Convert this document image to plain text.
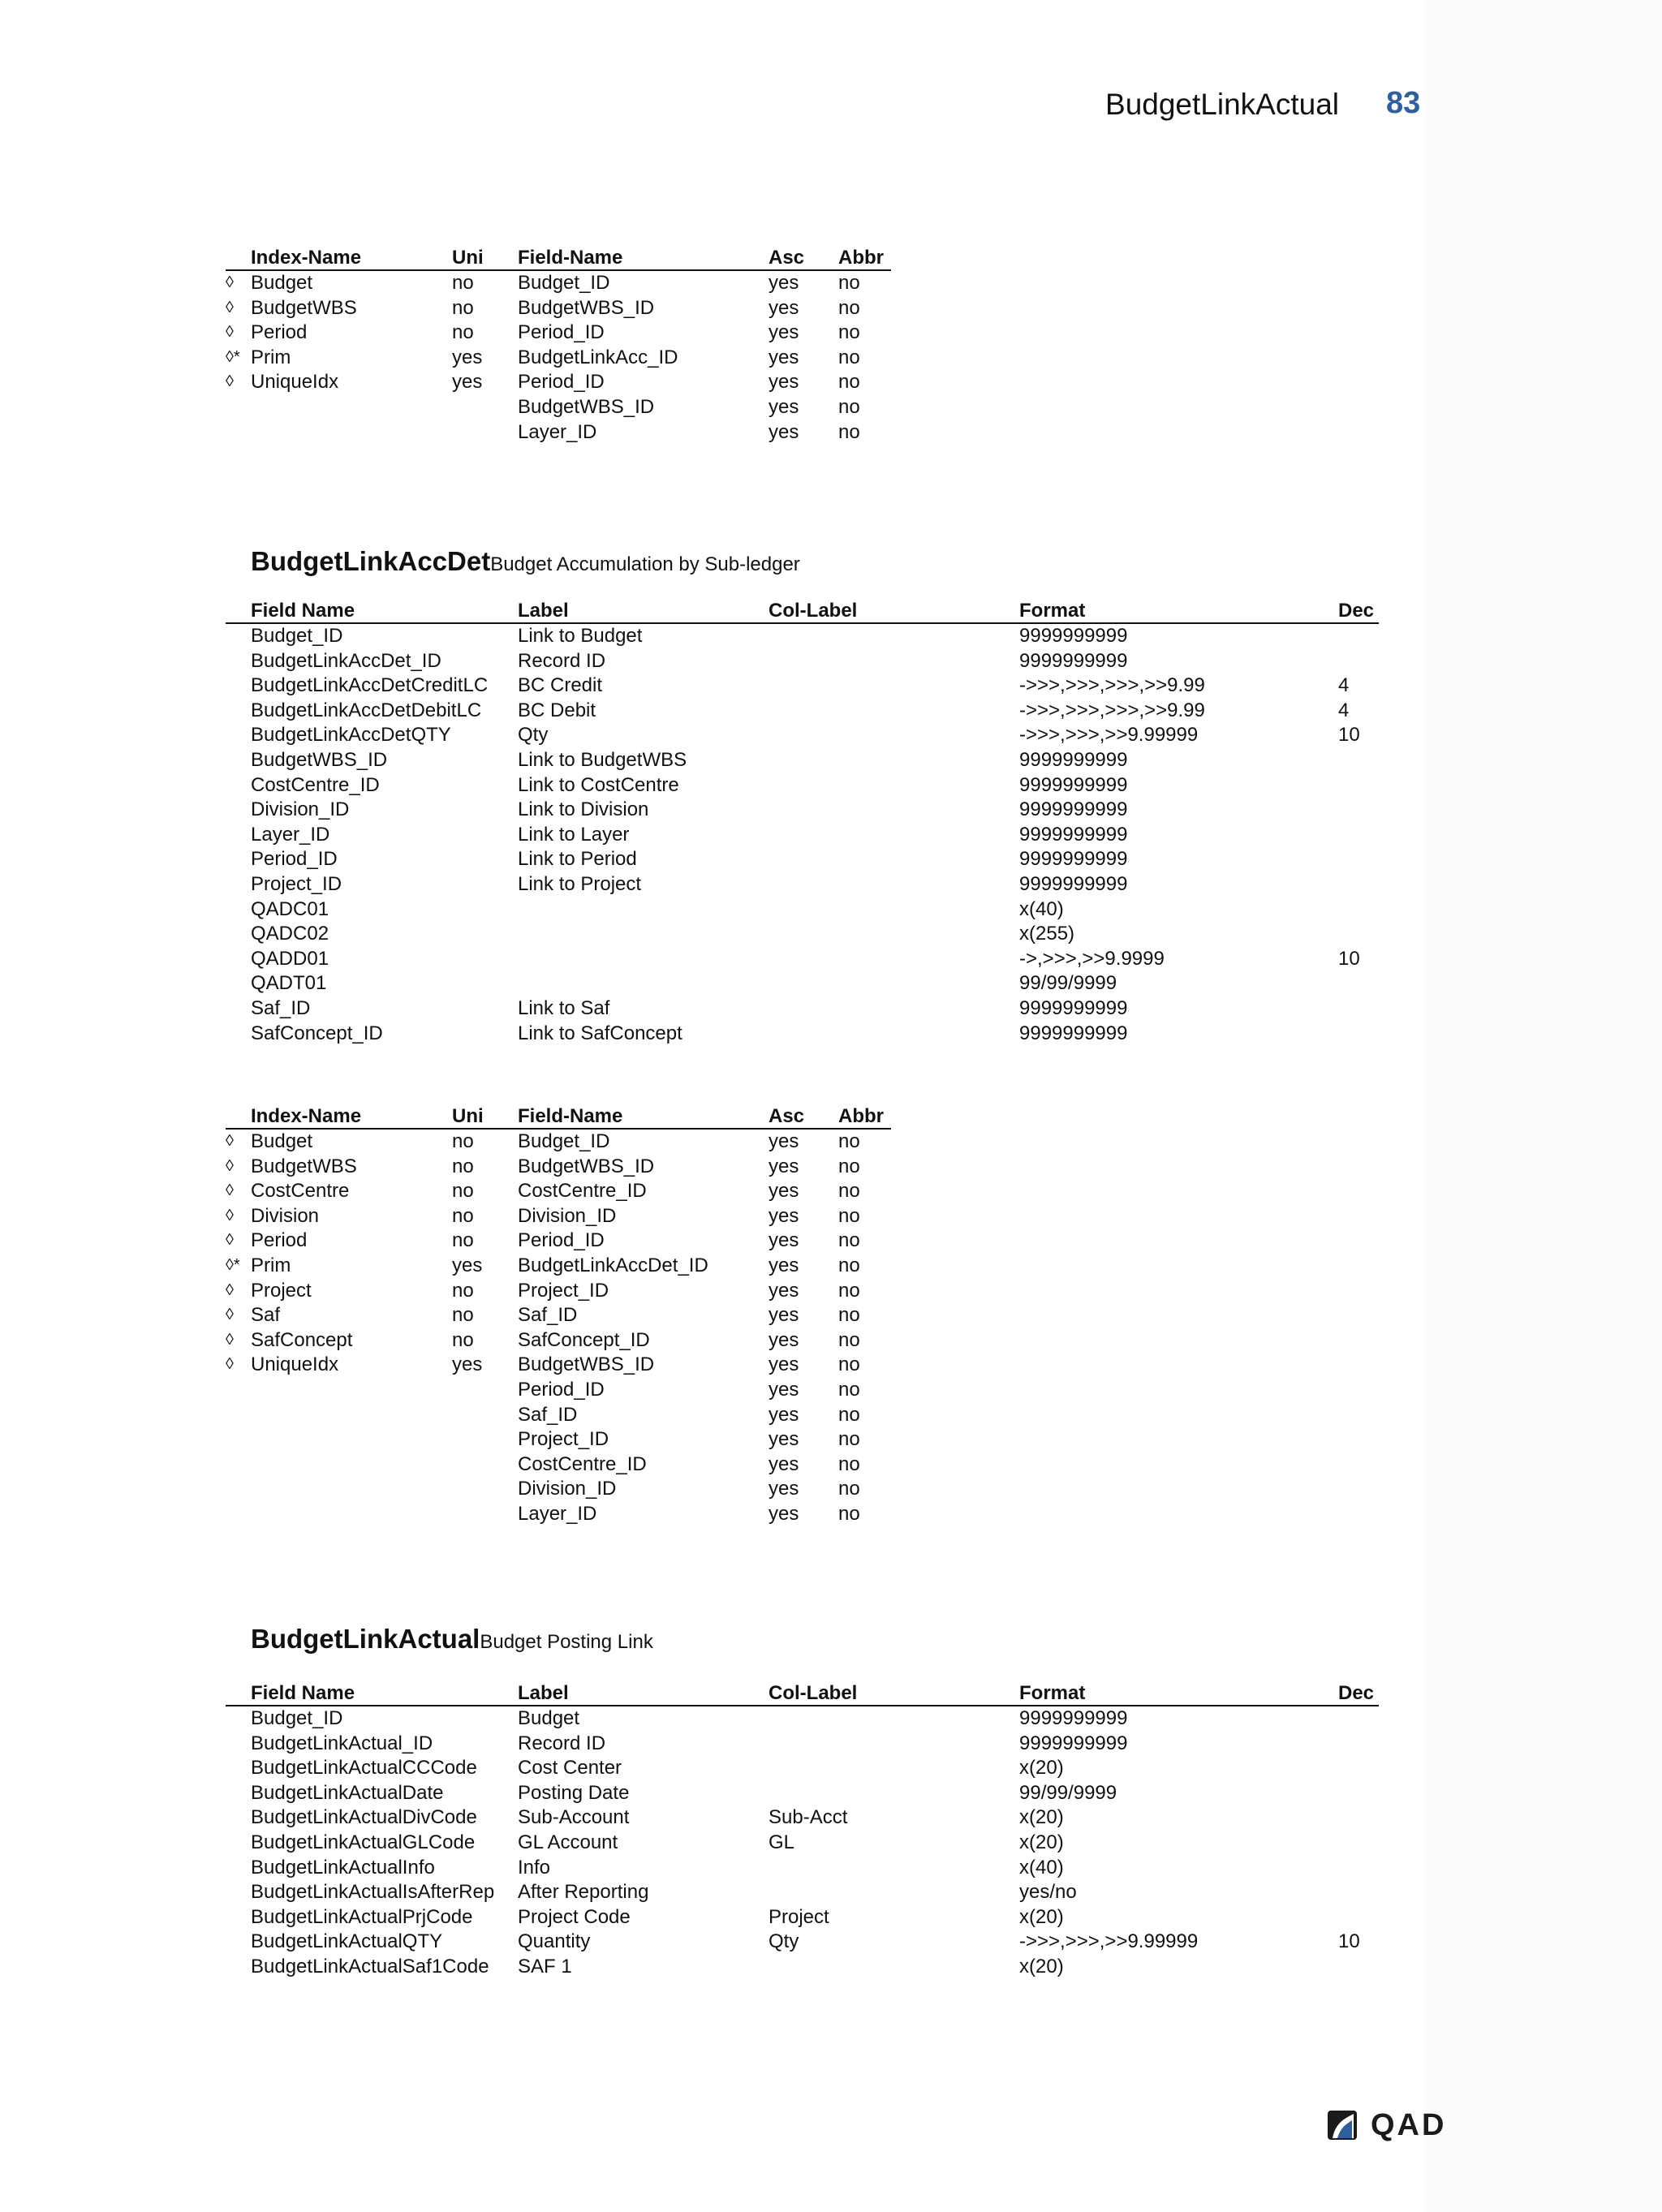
BudgetLinkActual 83
Index-Name	Uni Field-Name	Asc Abbr
◊ Budget	no Budget_ID	yes no
◊ BudgetWBS	no BudgetWBS_ID	yes no
◊ Period	no Period_ID	yes no
◊* Prim	yes BudgetLinkAcc_ID	yes no
◊ UniqueIdx	yes Period_ID	yes no
BudgetWBS_ID	yes no
Layer_ID	yes no
BudgetLinkAccDetBudget Accumulation by Sub-ledger
Field Name	Label	Col-Label	Format	Dec
Budget_ID	Link to Budget	9999999999
BudgetLinkAccDet_ID	Record ID	9999999999
BudgetLinkAccDetCreditLC BC Credit	->>>,>>>,>>>,>>9.99	4
BudgetLinkAccDetDebitLC BC Debit	->>>,>>>,>>>,>>9.99	4
BudgetLinkAccDetQTY	Qty	->>>,>>>,>>9.99999	10
BudgetWBS_ID	Link to BudgetWBS	9999999999
CostCentre_ID	Link to CostCentre	9999999999
Division_ID	Link to Division	9999999999
Layer_ID	Link to Layer	9999999999
Period_ID	Link to Period	9999999999
Project_ID	Link to Project	9999999999
QADC01	x(40)
QADC02	x(255)
QADD01	->,>>>,>>9.9999	10
QADT01	99/99/9999
Saf_ID	Link to Saf	9999999999
SafConcept_ID	Link to SafConcept	9999999999
Index-Name	Uni Field-Name	Asc Abbr
◊ Budget	no Budget_ID	yes no
◊ BudgetWBS	no BudgetWBS_ID	yes no
◊ CostCentre	no CostCentre_ID	yes no
◊ Division	no Division_ID	yes no
◊ Period	no Period_ID	yes no
◊* Prim	yes BudgetLinkAccDet_ID	yes no
◊ Project	no Project_ID	yes no
◊ Saf	no Saf_ID	yes no
◊ SafConcept	no SafConcept_ID	yes no
◊ UniqueIdx	yes BudgetWBS_ID	yes no
Period_ID	yes no
Saf_ID	yes no
Project_ID	yes no
CostCentre_ID	yes no
Division_ID	yes no
Layer_ID	yes no
BudgetLinkActualBudget Posting Link
Field Name	Label	Col-Label	Format	Dec
Budget_ID	Budget	9999999999
BudgetLinkActual_ID	Record ID	9999999999
BudgetLinkActualCCCode Cost Center	x(20)
BudgetLinkActualDate	Posting Date	99/99/9999
BudgetLinkActualDivCode Sub-Account	Sub-Acct	x(20)
BudgetLinkActualGLCode GL Account	GL	x(20)
BudgetLinkActualInfo	Info	x(40)
BudgetLinkActualIsAfterRep After Reporting	yes/no
BudgetLinkActualPrjCode Project Code	Project	x(20)
BudgetLinkActualQTY	Quantity	Qty	->>>,>>>,>>9.99999	10
BudgetLinkActualSaf1Code SAF 1	x(20)
QAD
